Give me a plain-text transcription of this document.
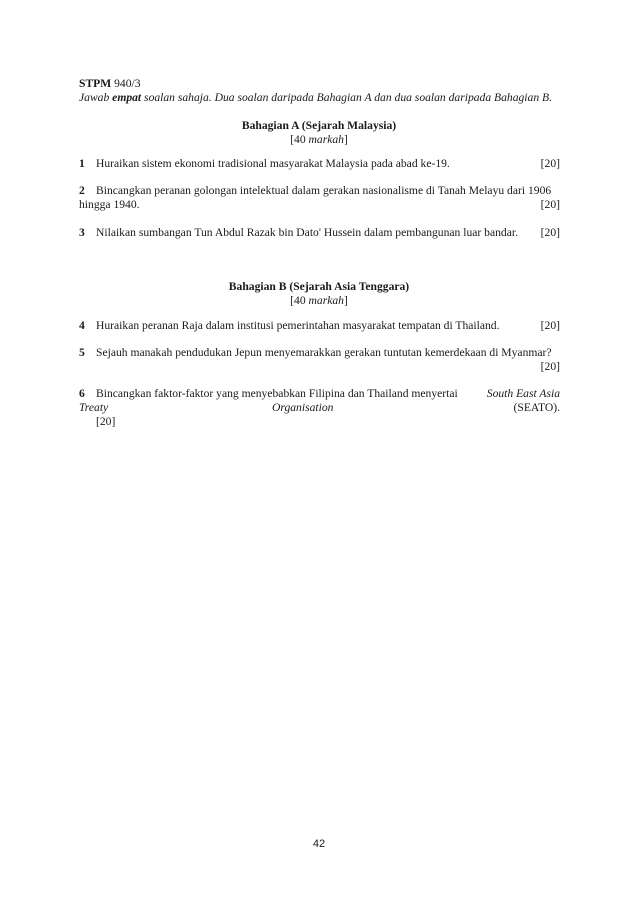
STPM 940/3
Jawab empat soalan sahaja. Dua soalan daripada Bahagian A dan dua soalan daripada Bahagian B.
Bahagian A (Sejarah Malaysia)
[40 markah]
1 Huraikan sistem ekonomi tradisional masyarakat Malaysia pada abad ke-19.	[20]
2 Bincangkan peranan golongan intelektual dalam gerakan nasionalisme di Tanah Melayu dari 1906
hingga 1940.	[20]
3 Nilaikan sumbangan Tun Abdul Razak bin Dato' Hussein dalam pembangunan luar bandar.	[20]
Bahagian B (Sejarah Asia Tenggara)
[40 markah]
4 Huraikan peranan Raja dalam institusi pemerintahan masyarakat tempatan di Thailand.	[20]
5 Sejauh manakah pendudukan Jepun menyemarakkan gerakan tuntutan kemerdekaan di Myanmar?
[20]
6 Bincangkan faktor-faktor yang menyebabkan Filipina dan Thailand menyertai	South East Asia
Treaty	Organisation	(SEATO).
[20]
42
